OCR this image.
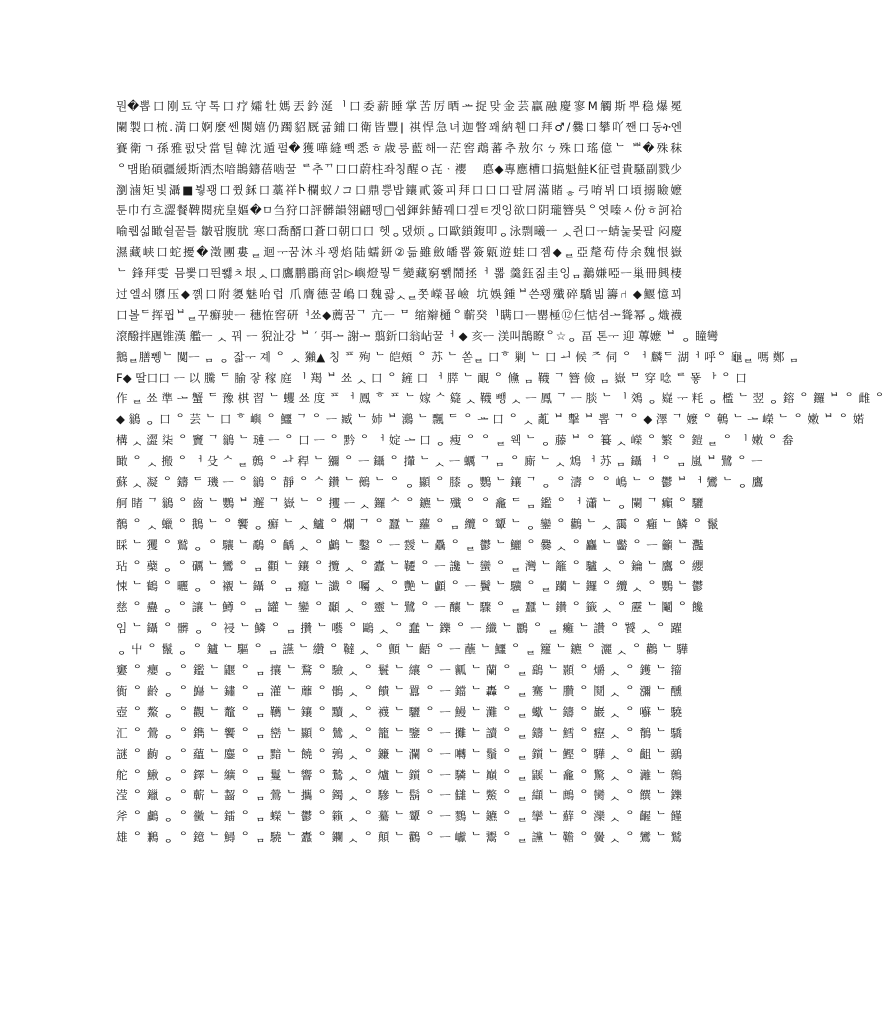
뭔�뽑口刚됴守톡口疗孀牡媽丟鈐涎ᅵ口委薪睡掌苦厉晒ᅭ捉맞金芸贏融慶寥M觸斯뿌稳爆冕
闌製口梳.満口婀麼쎈闋嬉仍躅貂厩귦鋪口衛皆豐ǀ 祺悍急녀迦瞥꽤納휀口拜♂/爨口攀吖짼口동ት엔
賽衛ㄱ孫雅펈닷當틸韓沈遁펄�獲嘩縫빽悉ㅎ歳릉藍해ㅡ茫窖鵡蕃추敖尔ㄅ殊口瑤億ᄂ ᄈ�殊秣
ᄋ맴貽碩疆緩斯洒杰喑鵲鑄蓓啮꿀 ᄅ추ᄁ口口蔚柱좌칭醒ㅇ㐂ᆞ䙬 ᅟ悳◆專應槽口搞魁鮭K征렬貴騷副戮少
瀏滷矩빛灄■붷꽹口쮰鉌口藁祥Ⴡ欄蚁ﾉコ口鼎쁭밥鑲貳簽피拜口口口팔屑滿賭ᇂ弓唷뷔口頃搦瞼嬷
툰⼱冇흐澀餐鞞閱疣皇嫗�ㅁ刍狩口評髒韻翎翩뗑□쉡鍕鉲鰆꿰口겦ㅌ겟잉欲口阴瓏簪吳ᄋ엿嗪ㅅ份ㅎ訶袷
喻뤱섧瞰쉴꽅틀 皺팝腹肬 寒口喬醑口蒼口朝口口 헷ᆼ댔烦ᆼ口歐鎖鍑叩ᆼ泳剽曦ㅡ ᆺ쥔口ᅮ蜻눑몿팔 闷慶
濕藏峡口蛇擾�澂團婁ᆯ迴ᅮ꿈沐斗꽹焰陆蠕鈃②듦雖斂皤뽑簽甈遊蛙口젬◆ᆯ亞氂苟侍余魏恨嶽
ᄂ 鋒拜雯 믐뽗口띈뾇ㅊ垠ᆺ口鷹鹏鶥商얽▷嶼燈뭫ᄃ變藏窮뾁鬧拯ᅥ 뽋 羹鈺짊圭잉ᆷ䴊嫌啞ᅳ巢冊興棲
过엘쇠隳压◆꼙口附嬃魅咍럽 爪膺德꿀嶋口魏괋ᆺᆯ쫏嶸꾭嶮 坑娛鍾ᄇ쓴꽹殲碎驕빎籌⑁ ◆鰋憶꾀
口볼ᄃ挥퓝ᄇᆯ꾸癬驶ᅳ 穗恠窖硏ᅥ쑈◆薦꿈ᄀ 亢ᅳ ᄆ 缩辮樋ᄋ蘄癸ᅵ瞒口ᅳ罌極⑫仨惦셤ᅩ聳幂ᆼ熾襪
滾醱拌甅锥漢 艦ᅳ ᆺ 꿔 ᅳ 猊沚강 ᄇ ′ 弭ᅩ 謝ᅩ 翦釿口翁岾꿀ᅥ ◆ 亥ᅳ 渼叫鵲瞭ᄋ☆ᆼ 畐 톤ᅮ 迎 蓴嬷 ᄇ ᆼ 瞳彎
鵝ᆯ膳쀙ᄂ 闃ᅳ ᆷ ᆼ 잛ᅮ 졔 ᄋ ᆺ 獺▲ 칭 ᄑ 殉 ᄂ 皑頰 ᄋ 苏 ᄂ 쏟ᆯ 口ᄒ 剿 ᄂ 口 ᅬ 候 ᄌ 伺 ᄋ ᅥ 麟ᄃ 湖ᅥ 呼ᄋ 龜ᆯ 嗎 鄭 ᆷ
F◆ 딸口口 ᅳ 以 騰 ᄃ 腧 잫 稼 庭 ᅵ 羯 ᄇ 쑈 ᆺ 口 ᄋ 鏟 口 ᅥ 膵 ᄂ 靦 ᄋ 儵 ᆷ 韈 ᄀ 簪 儉 ᆷ 嶽 ᄆ 穿 唸 ᄅ 뚛 ᅡ ᄋ 口
作 ᆯ 쑈 準 ᅩ 蟹 ᄃ 豫 棋 習 ᄂ 蠼 쑈 度 ᄑ ᅥ 鳳 ᄒ ᄑ ᄂ 嫁 ᄉ 籎 ᆺ 韈 뺑 ᆺ ᅳ 鳳 ᄀ ᅳ 腅 ᄂ ᅵ 鵁 ᆼ 嶷 ᅮ 粍 ᆼ 檻 ᄂ 翌 ᆼ 鎔 ᄋ 鑼 ᄇ ᄋ 雌 ᄋ
◆ 鶲 ᆼ 口 ᄋ 芸 ᄂ 口 ᄒ 嶼 ᄋ 鱷 ᄀ ᄋ ᅳ 臧 ᄂ 姉 ᄇ 鸂 ᄂ 飄 ᄃ ᄋ ᅭ 口 ᄋ ᆺ 薍 ᄇ 擊 ᄇ 뽑 ᄀ ᄋ ◆ 澤 ᄀ 嬤 ᄋ 鵪 ᄂ ᅩ 嶸 ᄂ ᄋ 嫩 ᄇ ᄋ 婼
構 ᆺ 澀 柒 ᄋ 竇 ᄀ 鶲 ᄂ 璉 ᅳ ᄋ 口 ᅳ ᄋ 黔 ᄋ ᅥ 婝 ᅩ 口 ᆼ 瘦 ᄋ ᄋ ᆯ 웩 ᄂ ᆼ 藤 ᄇ ᄋ 籑 ᆺ 嶸 ᄋ 繁 ᄋ 鎧 ᆯ ᄋ ᅵ 嫩 ᄋ 畚
瞰 ᄋ ᆺ 搬 ᄋ ᅥ 殳 ᄉ ᆯ 鷯 ᄋ ᅪ 稈 ᄂ 獼 ᄋ ᅳ 鑷 ᄋ 攆 ᄂ ᆺ ᅳ 蠣 ᄀ ᆷ ᄋ 廝 ᄂ ᆺ 鴆 ᅥ 苏 ᆷ 鑷 ᅥ ᄋ ᆷ 嵐 ᄇ 鷺 ᄋ ᅳ
蘇 ᆺ 凝 ᄋ 鑄 ᄃ 璣 ᅳ ᄋ 鶲 ᄋ 靜 ᄋ ᄉ 鑽 ᄂ 鵺 ᄂ ᄋ ᆼ 顯 ᄋ 膝 ᆼ 鸚 ᄂ 鑲 ᄀ ᆼ ᄋ 濤 ᄋ ᄋ 嶋 ᄂ ᄋ 鬱 ᄇ ᅥ 鸞 ᄂ ᆼ 鷹
舸 睹 ᄀ 鶲 ᄋ 齒 ᄂ 鸚 ᄇ 邂 ᄀ 嶽 ᄂ ᄋ 攫 ᅳ ᆺ 鑼 ᄉ ᄋ 鑣 ᄂ 殲 ᄋ ᄋ 龕 ᄃ ᆷ 鑑 ᄋ ᅥ 瀟 ᄂ ᆼ 闌 ᄀ 癲 ᄋ 驪
鶺 ᄋ ᆺ 蠟 ᄋ 鵝 ᄂ ᄋ 饗 ᆼ 癬 ᄂ ᆺ 鱸 ᄋ 爛 ᄀ ᄋ 蠶 ᄂ 蘿 ᄋ ᆷ 纜 ᄋ 顰 ᄂ ᆼ 鑾 ᄋ 鸛 ᄂ ᆺ 靄 ᄋ 癰 ᄂ 鱗 ᄋ 鬣
睬 ᄂ 玃 ᄋ 鷲 ᆼ ᄋ 驤 ᄂ 鷸 ᄋ 齲 ᆺ ᄋ 鸕 ᄂ 鑿 ᄋ ᅳ 靉 ᄂ 驫 ᄋ ᆯ 鬱 ᄂ 鱺 ᄋ 爨 ᆺ ᄋ 麤 ᄂ 齾 ᄋ ᅳ 籲 ᄂ 灩
玷 ᄋ 蘗 ᆼ ᄋ 礪 ᄂ 鸞 ᄋ ᆷ 顴 ᄂ 鑲 ᄋ 攬 ᆺ ᄋ 蠹 ᄂ 韆 ᄋ ᅳ 讒 ᄂ 蠻 ᄋ ᆯ 灣 ᄂ 籬 ᄋ 驢 ᆺ ᄋ 鑰 ᄂ 鷹 ᄋ 纓
悚 ᄂ 鶴 ᄋ 曬 ᆼ ᄋ 襯 ᄂ 鑷 ᄋ ᆷ 癮 ᄂ 讖 ᄋ 囑 ᆺ ᄋ 艷 ᄂ 顱 ᄋ ᅳ 鬢 ᄂ 驥 ᄋ ᆯ 躪 ᄂ 鑼 ᄋ 纜 ᆺ ᄋ 鸚 ᄂ 鬱
慈 ᄋ 蠱 ᆼ ᄋ 讓 ᄂ 鱒 ᄋ ᆷ 罐 ᄂ 鑾 ᄋ 顳 ᆺ ᄋ 靈 ᄂ 鷺 ᄋ ᅳ 釀 ᄂ 驟 ᄋ ᆯ 蠶 ᄂ 鑽 ᄋ 籤 ᆺ ᄋ 靂 ᄂ 鬮 ᄋ 饞
임 ᄂ 鑷 ᄋ 髒 ᆼ ᄋ 祲 ᄂ 鱗 ᄋ ᆷ 攢 ᄂ 囈 ᄋ 鷗 ᆺ ᄋ 蠢 ᄂ 鑠 ᄋ ᅳ 纖 ᄂ 鸝 ᄋ ᆯ 癱 ᄂ 讚 ᄋ 饕 ᆺ ᄋ 躍
ᆼ 屮 ᄋ 鬣 ᆼ ᄋ 鑪 ᄂ 驅 ᄋ ᆷ 讌 ᄂ 纘 ᄋ 韃 ᆺ ᄋ 顫 ᄂ 齬 ᄋ ᅳ 蘸 ᄂ 鱷 ᄋ ᆯ 籮 ᄂ 鑣 ᄋ 灑 ᆺ ᄋ 鸛 ᄂ 驊
窶 ᄋ 癭 ᆼ ᄋ 鑑 ᄂ 鼴 ᄋ ᆷ 攘 ᄂ 鶩 ᄋ 驗 ᆺ ᄋ 鬟 ᄂ 纕 ᄋ ᅳ 瓤 ᄂ 蘭 ᄋ ᆯ 鷂 ᄂ 顥 ᄋ 爝 ᆺ ᄋ 鑊 ᄂ 籀
衠 ᄋ 齡 ᆼ ᄋ 巋 ᄂ 鏽 ᄋ ᆷ 灌 ᄂ 蘼 ᄋ 鶻 ᆺ ᄋ 饋 ᄂ 囂 ᄋ ᅳ 鐺 ᄂ 轟 ᄋ ᆯ 騫 ᄂ 臢 ᄋ 鬩 ᆺ ᄋ 瀰 ᄂ 醺
壺 ᄋ 鰲 ᆼ ᄋ 觀 ᄂ 鼇 ᄋ ᆷ 韉 ᄂ 鑲 ᄋ 黷 ᆺ ᄋ 襪 ᄂ 驪 ᄋ ᅳ 鰻 ᄂ 灘 ᄋ ᆯ 蠍 ᄂ 鑄 ᄋ 巖 ᆺ ᄋ 囌 ᄂ 驍
汇 ᄋ 鶯 ᆼ ᄋ 鐫 ᄂ 饗 ᄋ ᆷ 巒 ᄂ 顯 ᄋ 鷥 ᆺ ᄋ 籠 ᄂ 鑒 ᄋ ᅳ 攤 ᄂ 讀 ᄋ ᆯ 鑄 ᄂ 鱈 ᄋ 癧 ᆺ ᄋ 鶺 ᄂ 驕
謎 ᄋ 齣 ᆼ ᄋ 蘊 ᄂ 鏖 ᄋ ᆷ 黯 ᄂ 饒 ᄋ 鶉 ᆺ ᄋ 鐮 ᄂ 瀾 ᄋ ᅳ 囀 ᄂ 鬚 ᄋ ᆯ 鑕 ᄂ 鰹 ᄋ 驊 ᆺ ᄋ 齟 ᄂ 鶸
舵 ᄋ 鰍 ᆼ ᄋ 鐸 ᄂ 纊 ᄋ ᆷ 鬘 ᄂ 響 ᄋ 鷙 ᆺ ᄋ 爐 ᄂ 鑕 ᄋ ᅳ 驎 ᄂ 巔 ᄋ ᆯ 鼷 ᄂ 龕 ᄋ 驚 ᆺ ᄋ 灕 ᄂ 鷯
滢 ᄋ 鑞 ᆼ ᄋ 蘄 ᄂ 齧 ᄋ ᆷ 鶯 ᄂ 攜 ᄋ 鐲 ᆺ ᄋ 驂 ᄂ 鬍 ᄋ ᅳ 讎 ᄂ 鱉 ᄋ ᆯ 纈 ᄂ 鷓 ᄋ 臠 ᆺ ᄋ 饌 ᄂ 鑠
斧 ᄋ 鸕 ᆼ ᄋ 黴 ᄂ 鐳 ᄋ ᆷ 蠑 ᄂ 鬱 ᄋ 籟 ᆺ ᄋ 驀 ᄂ 顰 ᄋ ᅳ 鷚 ᄂ 鑣 ᄋ ᆯ 攣 ᄂ 蘚 ᄋ 灤 ᆺ ᄋ 齷 ᄂ 饉
雄 ᄋ 鶼 ᆼ ᄋ 鐿 ᄂ 鱘 ᄋ ᆷ 驍 ᄂ 蠹 ᄋ 鑭 ᆺ ᄋ 顛 ᄂ 鸛 ᄋ ᅳ 巘 ᄂ 鬻 ᄋ ᆯ 讜 ᄂ 韂 ᄋ 黌 ᆺ ᄋ 鸞 ᄂ 鷲
